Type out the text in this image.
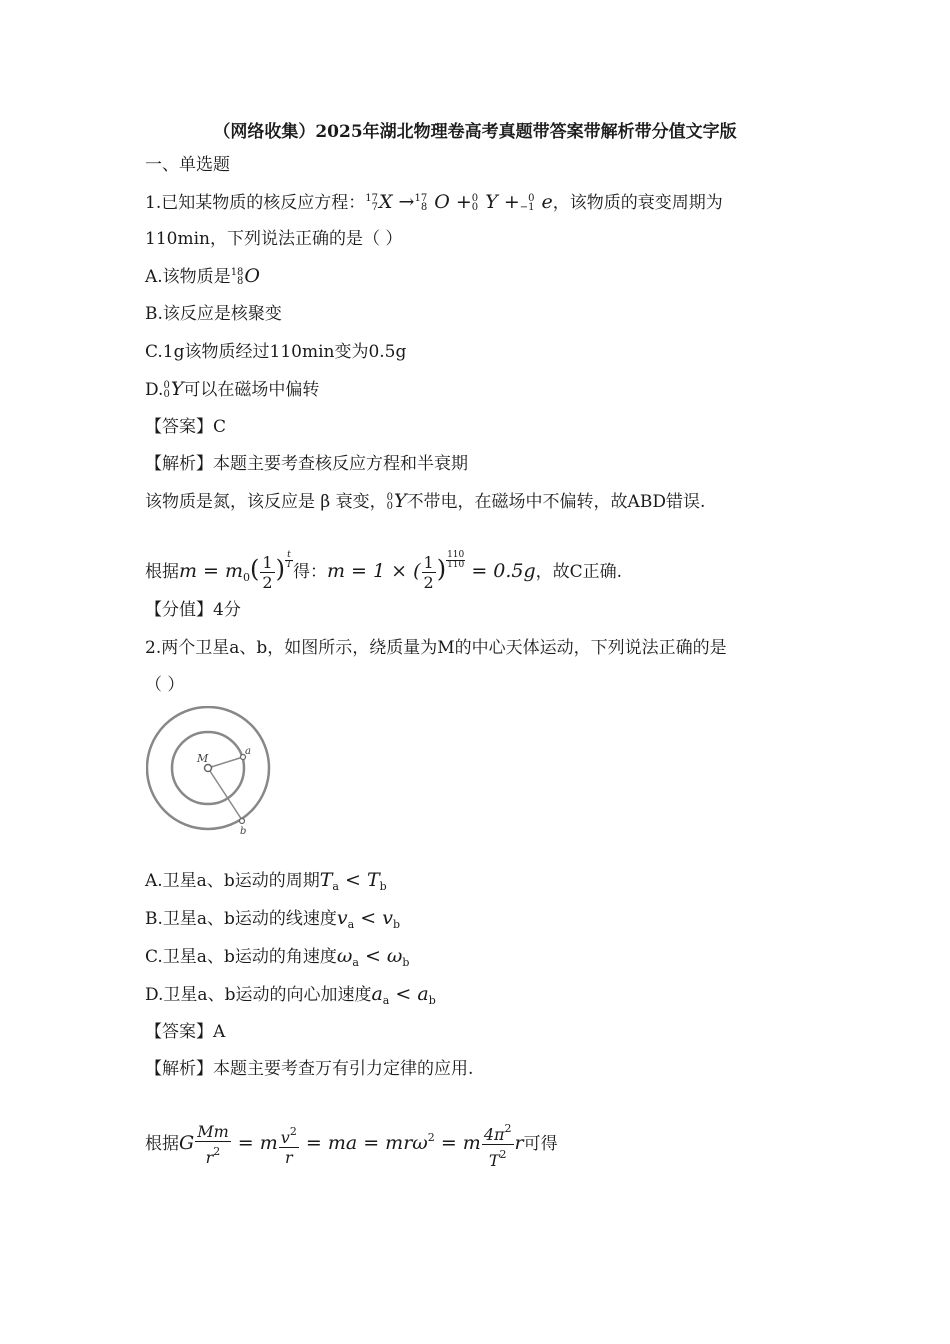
（网络收集）2025年湖北物理卷高考真题带答案带解析带分值文字版
一、单选题
1.已知某物质的核反应方程：17
7X →17
8 O +0
0 Y + 0
−1 e，该物质的衰变周期为
110min，下列说法正确的是（ ）
A.该物质是18
8O
B.该反应是核聚变
C.1g该物质经过110min变为0.5g
D.0
0Y可以在磁场中偏转
【答案】C
【解析】本题主要考查核反应方程和半衰期
该物质是氮，该反应是 β 衰变，0
0Y不带电，在磁场中不偏转，故ABD错误.
根据$m = m_0( \frac{1}{2}$ ) $\frac{t}{T}$
得：m = 1 × ( $\frac{1}{2}$ ) $\frac{110}{110} = 0.5g$，故C正确.
【分值】4分
2.两个卫星a、b，如图所示，绕质量为M的中心天体运动，下列说法正确的是
（ ）
M
a
b
A.卫星a、b运动的周期$T_a < T_b$
B.卫星a、b运动的线速度$v_a < v_b$
C.卫星a、b运动的角速度$\omega_a < \omega_b$
D.卫星a、b运动的向心加速度$a_a < a_b$
【答案】A
【解析】本题主要考查万有引力定律的应用.
根据G $\frac{Mm}{r^2} = m \frac{v^2}{r}$ = ma = mrω$^2$ = m $\frac{4\pi^2}{T^2}$ r可得
